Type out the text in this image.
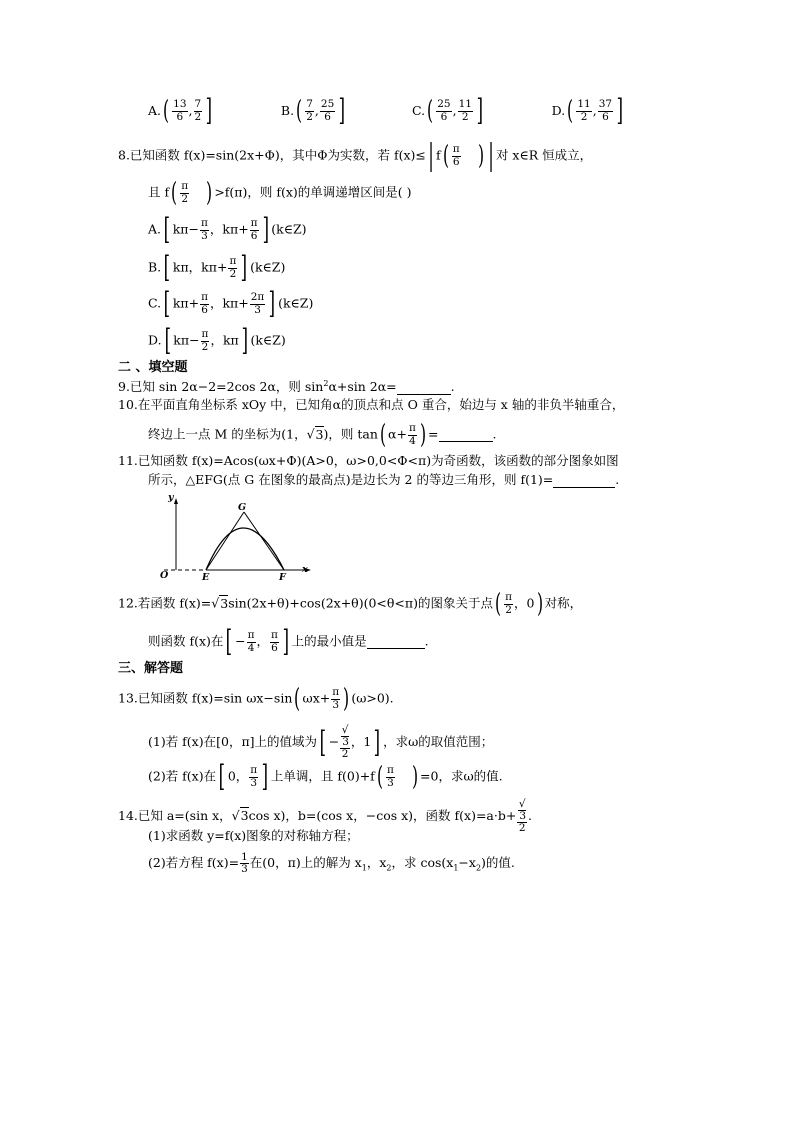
$A.( \frac{13}{6}$ , $\frac{7}{2}$ ]	$B.( \frac{7}{2}$ , $\frac{25}{6}$ ]	$C.( \frac{25}{6}$ , $\frac{11}{2}$ ]	$D.( \frac{11}{2}$ , $\frac{37}{6}$ ]
8.已知函数 f(x)=sin(2x+Φ)，其中Φ为实数，若 f(x)≤| $f( \frac{\pi}{6}$ ) | 对 x∈R 恒成立，
且 $f( \frac{\pi}{2}$ ) >f(π)，则 f(x)的单调递增区间是( )
A.[ $k\pi- \frac{\pi}{3}$ ，$k\pi+ \frac{\pi}{6}$ ] (k∈Z)
B.[ kπ，$k\pi+ \frac{\pi}{2}$ ] (k∈Z)
C.[ $k\pi+ \frac{\pi}{6}$ ，$k\pi+ \frac{2\pi}{3}$ ] (k∈Z)
D.[ $k\pi- \frac{\pi}{2}$ ，kπ] (k∈Z)
二 、填空题
9.已知 sin 2α−2=2cos 2α，则 $\sin^2\alpha+\sin$ 2α=	.
10.在平面直角坐标系 xOy 中，已知角α的顶点和点 O 重合，始边与 x 轴的非负半轴重合，
终边上一点 M 的坐标为(1，√3)，则 tan( $\alpha+ \frac{\pi}{4}$ ) =	.
11.已知函数 f(x)=Acos(ωx+Φ)(A>0，ω>0,0<Φ<π)为奇函数，该函数的部分图象如图
所示，△EFG(点 G 在图象的最高点)是边长为 2 的等边三角形，则 f(1)=	.
y
x
O	E	F
G
12.若函数 f(x)=√3sin(2x+θ)+cos(2x+θ)(0<θ<π)的图象关于点( $\frac{\pi}{2}$ ，0) 对称，
则函数 f(x)在[ − $\frac{\pi}{4}$ ， $\frac{\pi}{6}$ ] 上的最小值是	.
三、解答题
13.已知函数 f(x)=sin ωx−sin( $\omega x+ \frac{\pi}{3}$ ) (ω>0).
(1)若 f(x)在[0，π]上的值域为[ − √
3
2 ，1] ，求ω的取值范围；
(2)若 f(x)在[ 0， $\frac{\pi}{3}$ ] 上单调，且 $f(0)+f( \frac{\pi}{3}$ ) =0，求ω的值.
14.已知 a=(sin x，√3cos x)，b=(cos x，−cos x)，函数 f(x)=a·b+ √
3
2 .
(1)求函数 y=f(x)图象的对称轴方程；
(2)若方程 $f(x)= \frac{1}{3}$ 在(0，π)上的解为 $x_1$，$x_2$，求 $\cos(x_1-x_2)$的值.
